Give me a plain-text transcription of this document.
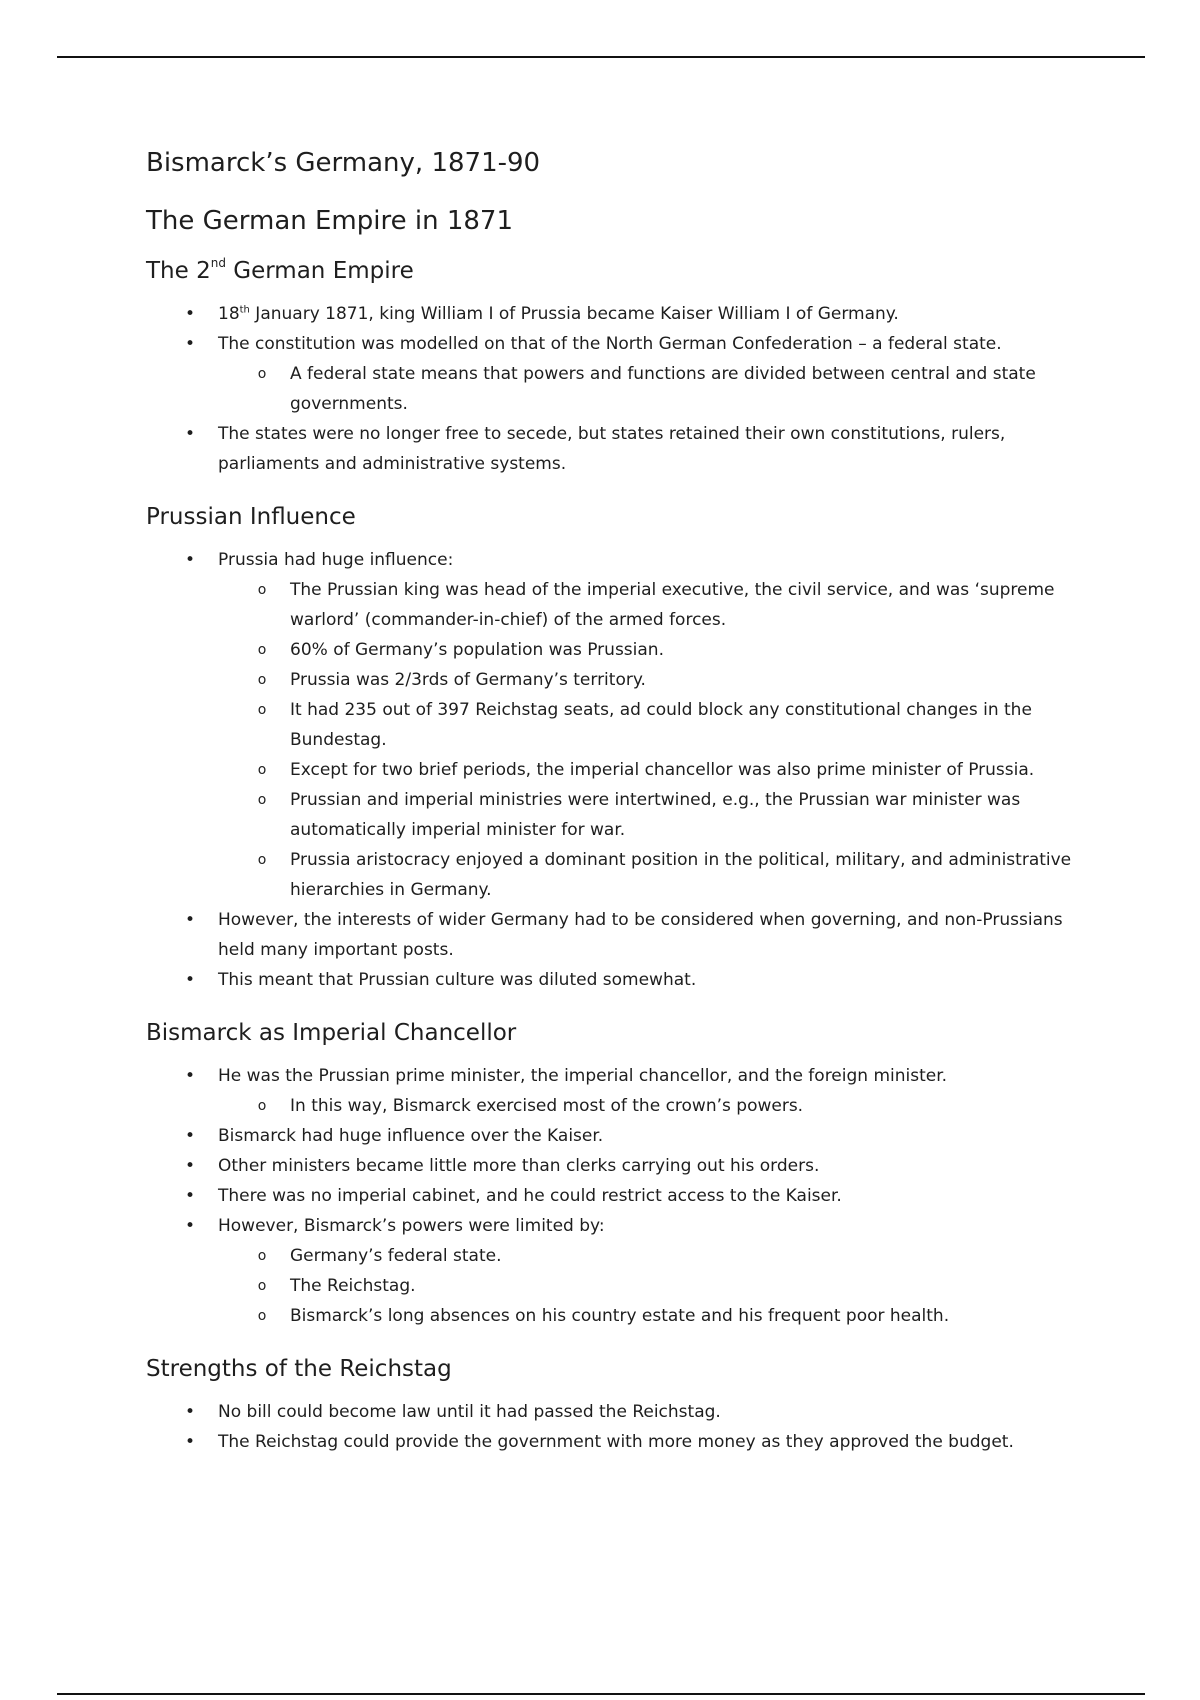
Bismarck’s Germany, 1871-90
The German Empire in 1871
The 2nd German Empire
• 18th January 1871, king William I of Prussia became Kaiser William I of Germany.
• The constitution was modelled on that of the North German Confederation – a federal state.
o A federal state means that powers and functions are divided between central and state governments.
• The states were no longer free to secede, but states retained their own constitutions, rulers, parliaments and administrative systems.
Prussian Influence
• Prussia had huge influence:
o The Prussian king was head of the imperial executive, the civil service, and was ‘supreme warlord’ (commander-in-chief) of the armed forces.
o 60% of Germany’s population was Prussian.
o Prussia was 2/3rds of Germany’s territory.
o It had 235 out of 397 Reichstag seats, ad could block any constitutional changes in the Bundestag.
o Except for two brief periods, the imperial chancellor was also prime minister of Prussia.
o Prussian and imperial ministries were intertwined, e.g., the Prussian war minister was automatically imperial minister for war.
o Prussia aristocracy enjoyed a dominant position in the political, military, and administrative hierarchies in Germany.
• However, the interests of wider Germany had to be considered when governing, and non-Prussians held many important posts.
• This meant that Prussian culture was diluted somewhat.
Bismarck as Imperial Chancellor
• He was the Prussian prime minister, the imperial chancellor, and the foreign minister.
o In this way, Bismarck exercised most of the crown’s powers.
• Bismarck had huge influence over the Kaiser.
• Other ministers became little more than clerks carrying out his orders.
• There was no imperial cabinet, and he could restrict access to the Kaiser.
• However, Bismarck’s powers were limited by:
o Germany’s federal state.
o The Reichstag.
o Bismarck’s long absences on his country estate and his frequent poor health.
Strengths of the Reichstag
• No bill could become law until it had passed the Reichstag.
• The Reichstag could provide the government with more money as they approved the budget.
